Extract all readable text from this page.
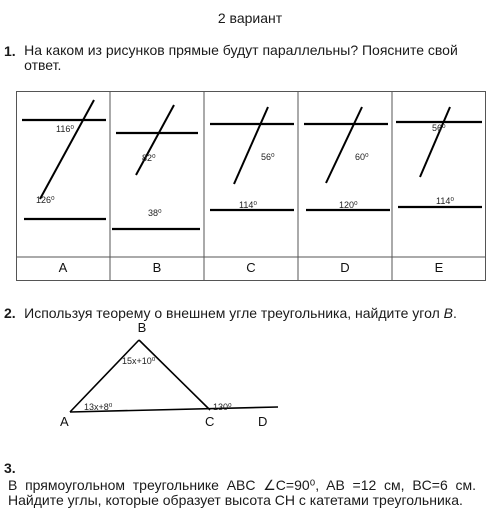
2 вариант
1. На каком из рисунков прямые будут параллельны? Поясните свой ответ.
116⁰
126⁰
A
82⁰
38⁰
B
56⁰
114⁰
C
60⁰
120⁰
D
56⁰
114⁰
E
2. Используя теорему о внешнем угле треугольника, найдите угол B.
B
A	C	D
15x+10⁰
13x+8⁰	130⁰
3. В прямоугольном треугольнике ABC ∠C=90⁰, AB =12 см, BC=6 см. Найдите углы, которые образует высота CH с катетами треугольника.
